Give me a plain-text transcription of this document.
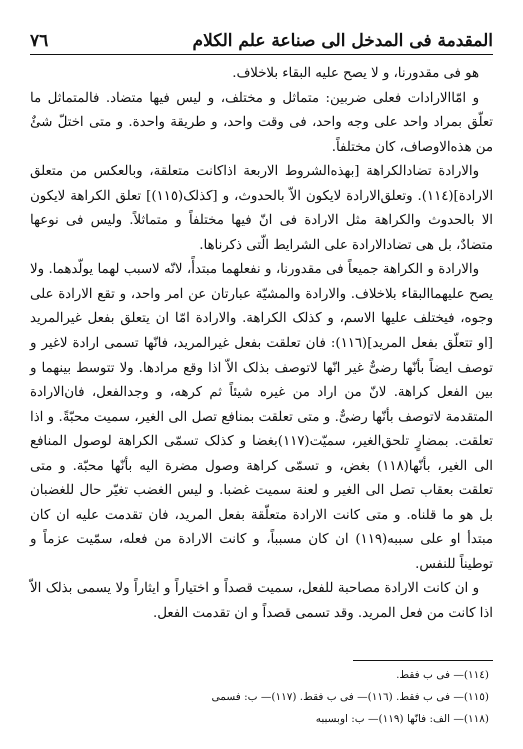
المقدمة فی المدخل الی صناعة علم الکلام
٧٦

هو فی مقدورنا، و لا یصح علیه البقاء بلاخلاف.

و امّاالارادات فعلی ضربین: متماثل و مختلف، و لیس فیها متضاد. فالمتماثل ما تعلّق بمراد واحد علی وجه واحد، فی وقت واحد، و طریقة واحدة. و متی اختلّ شئٌ من هذه‌الاوصاف، کان مختلفاً.

والارادة تضادالکراهة [بهذه‌الشروط الاربعة اذاکانت متعلقة، وبالعکس من متعلق الارادة](١١٤). وتعلق‌الارادة لایکون الاّ بالحدوث، و [کذلک(١١٥)] تعلق الکراهة لایکون الا بالحدوث والکراهة مثل الارادة فی انّ فیها مختلفاً و متماثلاً. ولیس فی نوعها متضادٌ، بل هی تضادالارادة علی الشرایط الّتی ذکرناها.

والارادة و الکراهة جمیعاً فی مقدورنا، و نفعلهما مبتدأً، لانّه لاسبب لهما یولّدهما. ولا یصح علیهماالبقاء بلاخلاف. والارادة والمشیّة عبارتان عن امر واحد، و تقع الارادة علی وجوه، فیختلف علیها الاسم، و کذلک الکراهة. والارادة امّا ان یتعلق بفعل غیرالمرید [او تتعلّق بفعل المرید](١١٦): فان تعلقت بفعل غیرالمرید، فانّها تسمی ارادة لاغیر و توصف ایضاً بأنّها رضیٌّ غیر انّها لاتوصف بذلک الاّ اذا وقع مرادها. ولا تتوسط بینهما و بین الفعل کراهة. لانّ من اراد من غیره شیئاً ثم کرهه، و وجدالفعل، فان‌الارادة المتقدمة لاتوصف بأنّها رضیٌّ. و متی تعلقت بمنافع تصل الی الغیر، سمیت محبّةً. و اذا تعلقت. بمضارٍ تلحق‌الغیر، سمیّت(١١٧)بغضا و کذلک تسمّی الکراهة لوصول المنافع الی الغیر، بأنّها(١١٨) بغض، و تسمّی کراهة وصول مضرة الیه بأنّها محبّة. و متی تعلقت بعقاب تصل الی الغیر و لعنة سمیت غضبا. و لیس الغضب تغیّر حال للغضبان بل هو ما قلناه. و متی کانت الارادة متعلّقة بفعل المرید، فان تقدمت علیه ان کان مبتدأ او علی سببه(١١٩) ان کان مسبباً، و کانت الارادة من فعله، سمّیت عزماً و توطیناً للنفس.

و ان کانت الارادة مصاحبة للفعل، سمیت قصداً و اختیاراً و ایثاراً ولا یسمی بذلک الاّ اذا کانت من فعل المرید. وقد تسمی قصداً و ان تقدمت الفعل.

(١١٤)— فی ب فقط.
(١١٥)— فی ب فقط. (١١٦)— فی ب فقط. (١١٧)— ب: فسمی
(١١٨)— الف: فانّها (١١٩)— ب: اوبسببه
